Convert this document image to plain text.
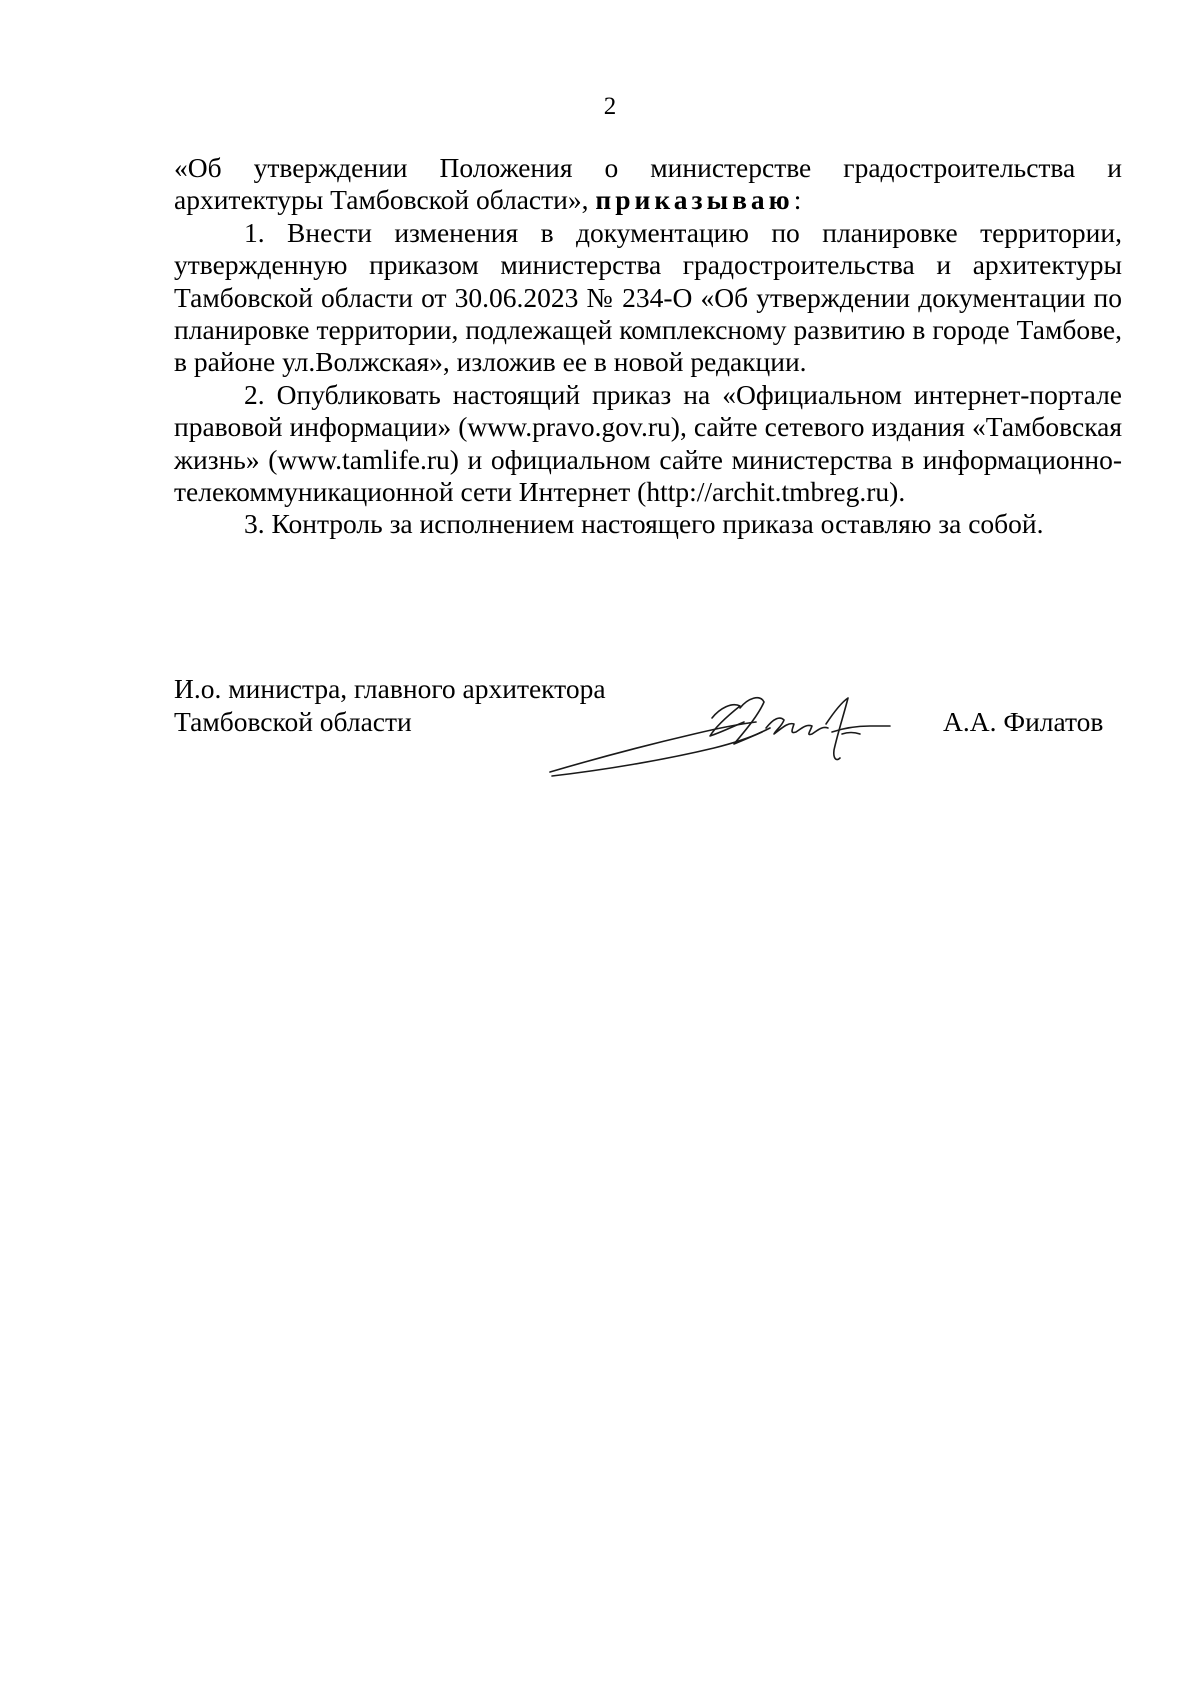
2

«Об утверждении Положения о министерстве градостроительства и архитектуры Тамбовской области», приказываю:

1. Внести изменения в документацию по планировке территории, утвержденную приказом министерства градостроительства и архитектуры Тамбовской области от 30.06.2023 № 234-О «Об утверждении документации по планировке территории, подлежащей комплексному развитию в городе Тамбове, в районе ул.Волжская», изложив ее в новой редакции.

2. Опубликовать настоящий приказ на «Официальном интернет-портале правовой информации» (www.pravo.gov.ru), сайте сетевого издания «Тамбовская жизнь» (www.tamlife.ru) и официальном сайте министерства в информационно-телекоммуникационной сети Интернет (http://archit.tmbreg.ru).

3. Контроль за исполнением настоящего приказа оставляю за собой.

И.о. министра, главного архитектора
Тамбовской области	А.А. Филатов
